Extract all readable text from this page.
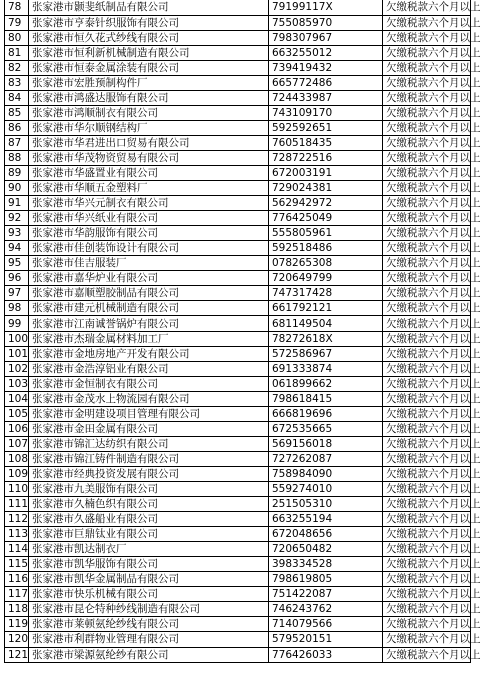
78	张家港市颢斐纸制品有限公司	79199117X	欠缴税款六个月以上
79	张家港市亨泰针织服饰有限公司	755085970	欠缴税款六个月以上
80	张家港市恒久花式纱线有限公司	798307967	欠缴税款六个月以上
81	张家港市恒利新机械制造有限公司	663255012	欠缴税款六个月以上
82	张家港市恒泰金属涂装有限公司	739419432	欠缴税款六个月以上
83	张家港市宏胜预制构件厂	665772486	欠缴税款六个月以上
84	张家港市鸿盛达服饰有限公司	724433987	欠缴税款六个月以上
85	张家港市鸿顺制衣有限公司	743109170	欠缴税款六个月以上
86	张家港市华尔顺钢结构厂	592592651	欠缴税款六个月以上
87	张家港市华君进出口贸易有限公司	760518435	欠缴税款六个月以上
88	张家港市华茂物资贸易有限公司	728722516	欠缴税款六个月以上
89	张家港市华盛置业有限公司	672003191	欠缴税款六个月以上
90	张家港市华顺五金塑料厂	729024381	欠缴税款六个月以上
91	张家港市华兴元制衣有限公司	562942972	欠缴税款六个月以上
92	张家港市华兴纸业有限公司	776425049	欠缴税款六个月以上
93	张家港市华韵服饰有限公司	555805961	欠缴税款六个月以上
94	张家港市佳创装饰设计有限公司	592518486	欠缴税款六个月以上
95	张家港市佳吉服装厂	078265308	欠缴税款六个月以上
96	张家港市嘉华炉业有限公司	720649799	欠缴税款六个月以上
97	张家港市嘉顺塑胶制品有限公司	747317428	欠缴税款六个月以上
98	张家港市建元机械制造有限公司	661792121	欠缴税款六个月以上
99	张家港市江南诚誉锅炉有限公司	681149504	欠缴税款六个月以上
100	张家港市杰瑞金属材料加工厂	78272618X	欠缴税款六个月以上
101	张家港市金地房地产开发有限公司	572586967	欠缴税款六个月以上
102	张家港市金浩淳铝业有限公司	691333874	欠缴税款六个月以上
103	张家港市金恒制衣有限公司	061899662	欠缴税款六个月以上
104	张家港市金茂水上物流园有限公司	798618415	欠缴税款六个月以上
105	张家港市金明建设项目管理有限公司	666819696	欠缴税款六个月以上
106	张家港市金田金属有限公司	672535665	欠缴税款六个月以上
107	张家港市锦汇达纺织有限公司	569156018	欠缴税款六个月以上
108	张家港市锦江铸件制造有限公司	727262087	欠缴税款六个月以上
109	张家港市经典投资发展有限公司	758984090	欠缴税款六个月以上
110	张家港市九美服饰有限公司	559274010	欠缴税款六个月以上
111	张家港市久楠色织有限公司	251505310	欠缴税款六个月以上
112	张家港市久盛船业有限公司	663255194	欠缴税款六个月以上
113	张家港市巨鼎钛业有限公司	672048656	欠缴税款六个月以上
114	张家港市凯达制衣厂	720650482	欠缴税款六个月以上
115	张家港市凯华服饰有限公司	398334528	欠缴税款六个月以上
116	张家港市凯华金属制品有限公司	798619805	欠缴税款六个月以上
117	张家港市快乐机械有限公司	751422087	欠缴税款六个月以上
118	张家港市昆仑特种纱线制造有限公司	746243762	欠缴税款六个月以上
119	张家港市莱顿氨纶纱线有限公司	714079566	欠缴税款六个月以上
120	张家港市利群物业管理有限公司	579520151	欠缴税款六个月以上
121	张家港市梁源氨纶纱有限公司	776426033	欠缴税款六个月以上
